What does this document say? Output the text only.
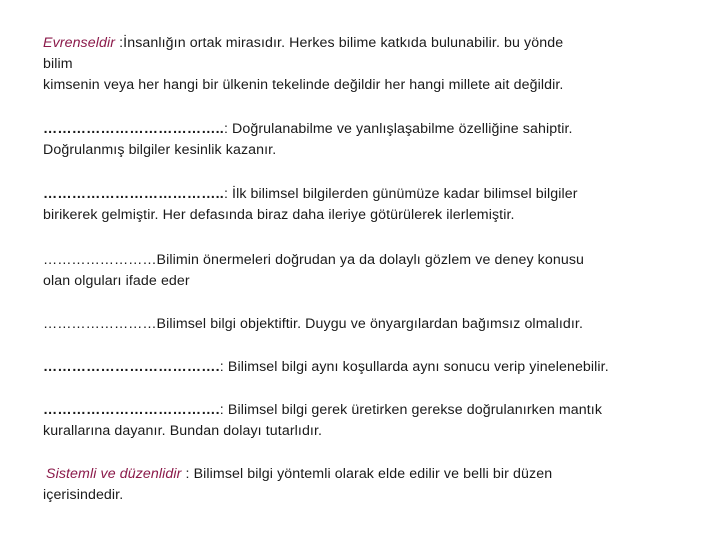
Evrenseldir :İnsanlığın ortak mirasıdır. Herkes bilime katkıda bulunabilir. bu yönde
bilim
kimsenin veya her hangi bir ülkenin tekelinde değildir her hangi millete ait değildir.
………………………………..: Doğrulanabilme ve yanlışlaşabilme özelliğine sahiptir.
Doğrulanmış bilgiler kesinlik kazanır.
………………………………..: İlk bilimsel bilgilerden günümüze kadar bilimsel bilgiler
birikerek gelmiştir. Her defasında biraz daha ileriye götürülerek ilerlemiştir.
……………………Bilimin önermeleri doğrudan ya da dolaylı gözlem ve deney konusu
olan olguları ifade eder
……………………Bilimsel bilgi objektiftir. Duygu ve önyargılardan bağımsız olmalıdır.
……………………………….: Bilimsel bilgi aynı koşullarda aynı sonucu verip yinelenebilir.
……………………………….: Bilimsel bilgi gerek üretirken gerekse doğrulanırken mantık
kurallarına dayanır. Bundan dolayı tutarlıdır.
Sistemli ve düzenlidir : Bilimsel bilgi yöntemli olarak elde edilir ve belli bir düzen
içerisindedir.
